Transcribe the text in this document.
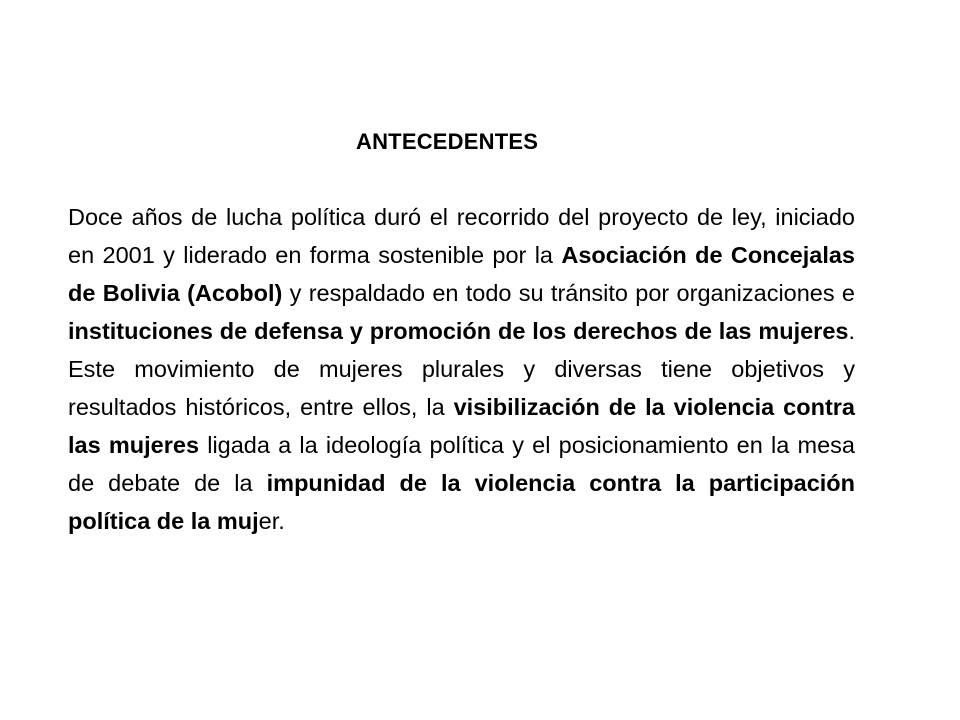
ANTECEDENTES

Doce años de lucha política duró el recorrido del proyecto de ley, iniciado en 2001 y liderado en forma sostenible por la Asociación de Concejalas de Bolivia (Acobol) y respaldado en todo su tránsito por organizaciones e instituciones de defensa y promoción de los derechos de las mujeres. Este movimiento de mujeres plurales y diversas tiene objetivos y resultados históricos, entre ellos, la visibilización de la violencia contra las mujeres ligada a la ideología política y el posicionamiento en la mesa de debate de la impunidad de la violencia contra la participación política de la mujer.
